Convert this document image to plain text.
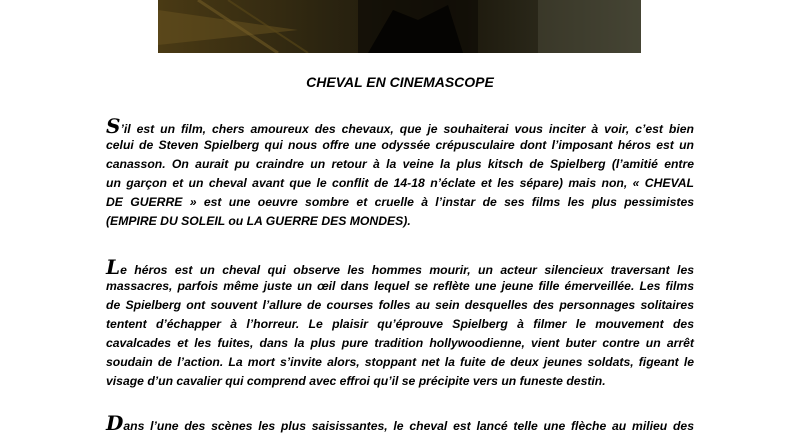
CHEVAL EN CINEMASCOPE
S’il est un film, chers amoureux des chevaux, que je souhaiterai vous inciter à voir, c’est bien
celui de Steven Spielberg qui nous offre une odyssée crépusculaire dont l’imposant héros est un
canasson. On aurait pu craindre un retour à la veine la plus kitsch de Spielberg (l’amitié entre
un garçon et un cheval avant que le conflit de 14-18 n’éclate et les sépare) mais non, « CHEVAL
DE GUERRE » est une oeuvre sombre et cruelle à l’instar de ses films les plus pessimistes
(EMPIRE DU SOLEIL ou LA GUERRE DES MONDES).
Le héros est un cheval qui observe les hommes mourir, un acteur silencieux traversant les
massacres, parfois même juste un œil dans lequel se reflète une jeune fille émerveillée. Les films
de Spielberg ont souvent l’allure de courses folles au sein desquelles des personnages solitaires
tentent d’échapper à l’horreur. Le plaisir qu’éprouve Spielberg à filmer le mouvement des
cavalcades et les fuites, dans la plus pure tradition hollywoodienne, vient buter contre un arrêt
soudain de l’action. La mort s’invite alors, stoppant net la fuite de deux jeunes soldats, figeant le
visage d’un cavalier qui comprend avec effroi qu’il se précipite vers un funeste destin.
Dans l’une des scènes les plus saisissantes, le cheval est lancé telle une flèche au milieu des
